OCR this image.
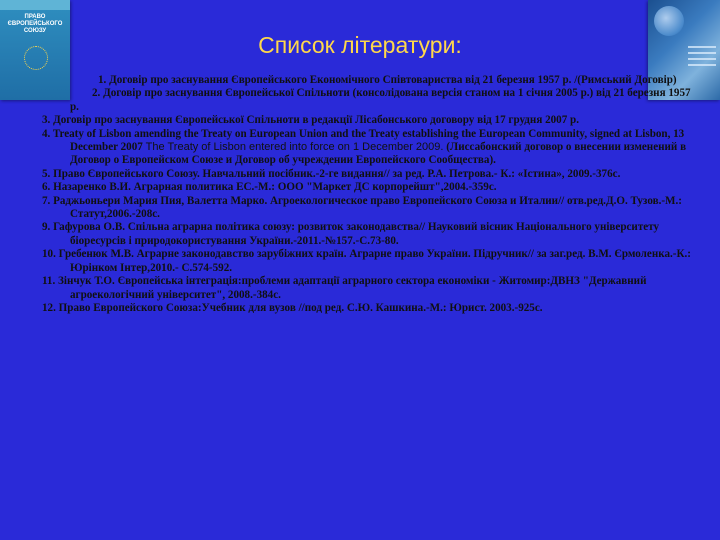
ПРАВО
ЄВРОПЕЙСЬКОГО
СОЮЗУ
Список літератури:

1. Договір про заснування Європейського Економічного Співтовариства від 21 березня 1957 р. /(Римський Договір)

2. Договір про заснування Європейської Спільноти (консолідована версія станом на 1 січня 2005 р.) від 21 березня 1957 р.

3. Договір про заснування Європейської Спільноти в редакції Лісабонського договору від 17 грудня 2007 р.

4. Treaty of Lisbon amending the Treaty on European Union and the Treaty establishing the European Community, signed at Lisbon, 13 December 2007 The Treaty of Lisbon entered into force on 1 December 2009. (Лиссабонский договор о внесении изменений в Договор о Европейском Союзе и Договор об учреждении Европейского Сообщества).

5. Право Європейського Союзу. Навчальний посібник.-2-ге видання// за ред. Р.А. Петрова.- К.: «Істина», 2009.-376с.

6. Назаренко В.И. Аграрная политика ЕС.-М.: ООО "Маркет ДС корпорейшт",2004.-359с.

7. Раджьоньери Мария Пия, Валетта Марко. Агроекологическое право Европейского Союза и Италии// отв.ред.Д.О. Тузов.-М.: Статут,2006.-208с.

9. Гафурова О.В. Спільна аграрна політика союзу: розвиток законодавства// Науковий вісник Національного університету біоресурсів і природокористування України.-2011.-№157.-С.73-80.

10. Гребенюк М.В. Аграрне законодавство зарубіжних країн. Аграрне право України. Підручник// за заг.ред. В.М. Єрмоленка.-К.: Юрінком Інтер,2010.- С.574-592.

11. Зінчук Т.О. Європейська інтеграція:проблеми адаптації аграрного сектора економіки - Житомир:ДВНЗ "Державний агроекологічний університет", 2008.-384с.

12. Право Европейского Союза:Учебник для вузов //под ред. С.Ю. Кашкина.-М.: Юрист. 2003.-925с.
